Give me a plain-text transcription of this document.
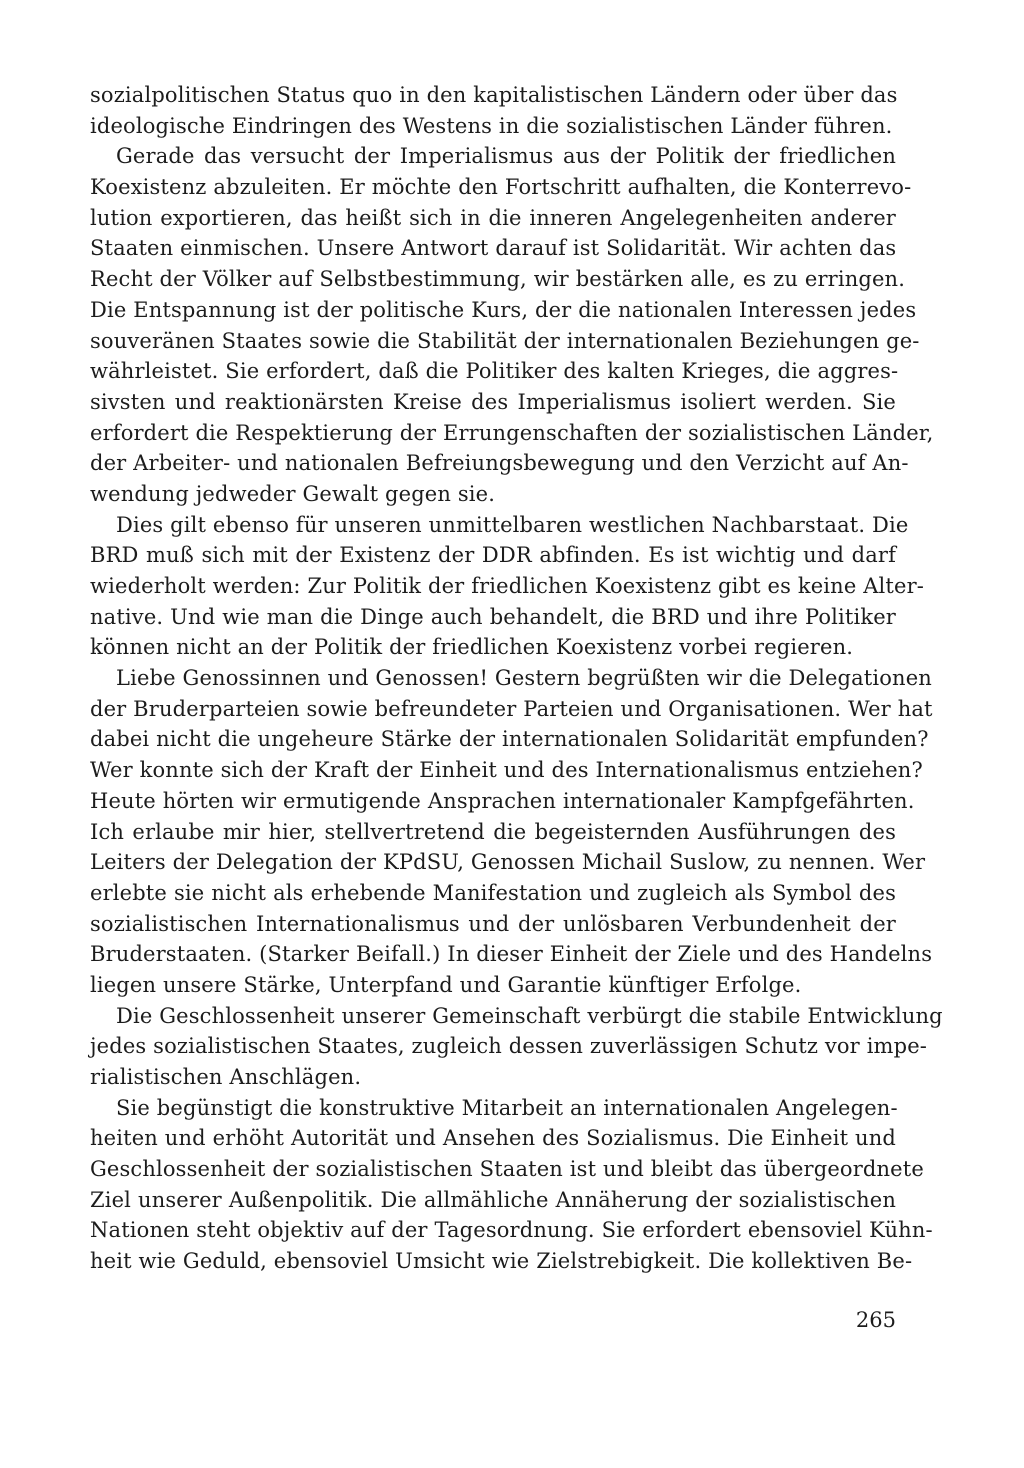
sozialpolitischen Status quo in den kapitalistischen Ländern oder über das
ideologische Eindringen des Westens in die sozialistischen Länder führen.
Gerade das versucht der Imperialismus aus der Politik der friedlichen
Koexistenz abzuleiten. Er möchte den Fortschritt aufhalten, die Konterrevo-
lution exportieren, das heißt sich in die inneren Angelegenheiten anderer
Staaten einmischen. Unsere Antwort darauf ist Solidarität. Wir achten das
Recht der Völker auf Selbstbestimmung, wir bestärken alle, es zu erringen.
Die Entspannung ist der politische Kurs, der die nationalen Interessen jedes
souveränen Staates sowie die Stabilität der internationalen Beziehungen ge-
währleistet. Sie erfordert, daß die Politiker des kalten Krieges, die aggres-
sivsten und reaktionärsten Kreise des Imperialismus isoliert werden. Sie
erfordert die Respektierung der Errungenschaften der sozialistischen Länder,
der Arbeiter- und nationalen Befreiungsbewegung und den Verzicht auf An-
wendung jedweder Gewalt gegen sie.
Dies gilt ebenso für unseren unmittelbaren westlichen Nachbarstaat. Die
BRD muß sich mit der Existenz der DDR abfinden. Es ist wichtig und darf
wiederholt werden: Zur Politik der friedlichen Koexistenz gibt es keine Alter-
native. Und wie man die Dinge auch behandelt, die BRD und ihre Politiker
können nicht an der Politik der friedlichen Koexistenz vorbei regieren.
Liebe Genossinnen und Genossen! Gestern begrüßten wir die Delegationen
der Bruderparteien sowie befreundeter Parteien und Organisationen. Wer hat
dabei nicht die ungeheure Stärke der internationalen Solidarität empfunden?
Wer konnte sich der Kraft der Einheit und des Internationalismus entziehen?
Heute hörten wir ermutigende Ansprachen internationaler Kampfgefährten.
Ich erlaube mir hier, stellvertretend die begeisternden Ausführungen des
Leiters der Delegation der KPdSU, Genossen Michail Suslow, zu nennen. Wer
erlebte sie nicht als erhebende Manifestation und zugleich als Symbol des
sozialistischen Internationalismus und der unlösbaren Verbundenheit der
Bruderstaaten. (Starker Beifall.) In dieser Einheit der Ziele und des Handelns
liegen unsere Stärke, Unterpfand und Garantie künftiger Erfolge.
Die Geschlossenheit unserer Gemeinschaft verbürgt die stabile Entwicklung
jedes sozialistischen Staates, zugleich dessen zuverlässigen Schutz vor impe-
rialistischen Anschlägen.
Sie begünstigt die konstruktive Mitarbeit an internationalen Angelegen-
heiten und erhöht Autorität und Ansehen des Sozialismus. Die Einheit und
Geschlossenheit der sozialistischen Staaten ist und bleibt das übergeordnete
Ziel unserer Außenpolitik. Die allmähliche Annäherung der sozialistischen
Nationen steht objektiv auf der Tagesordnung. Sie erfordert ebensoviel Kühn-
heit wie Geduld, ebensoviel Umsicht wie Zielstrebigkeit. Die kollektiven Be-
265
